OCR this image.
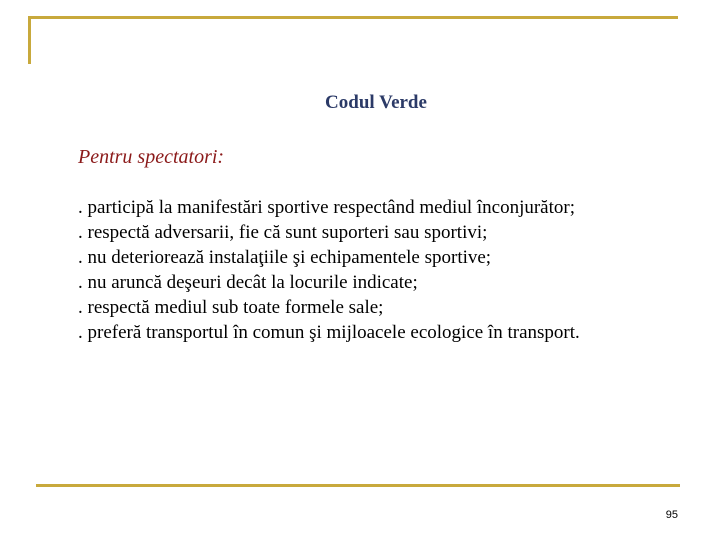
Codul Verde
Pentru spectatori:
. participă la manifestări sportive respectând mediul înconjurător;
. respectă adversarii, fie că sunt suporteri sau sportivi;
. nu deteriorează instalaţiile şi echipamentele sportive;
. nu aruncă deşeuri decât la locurile indicate;
. respectă mediul sub toate formele sale;
. preferă transportul în comun şi mijloacele ecologice în transport.
95
